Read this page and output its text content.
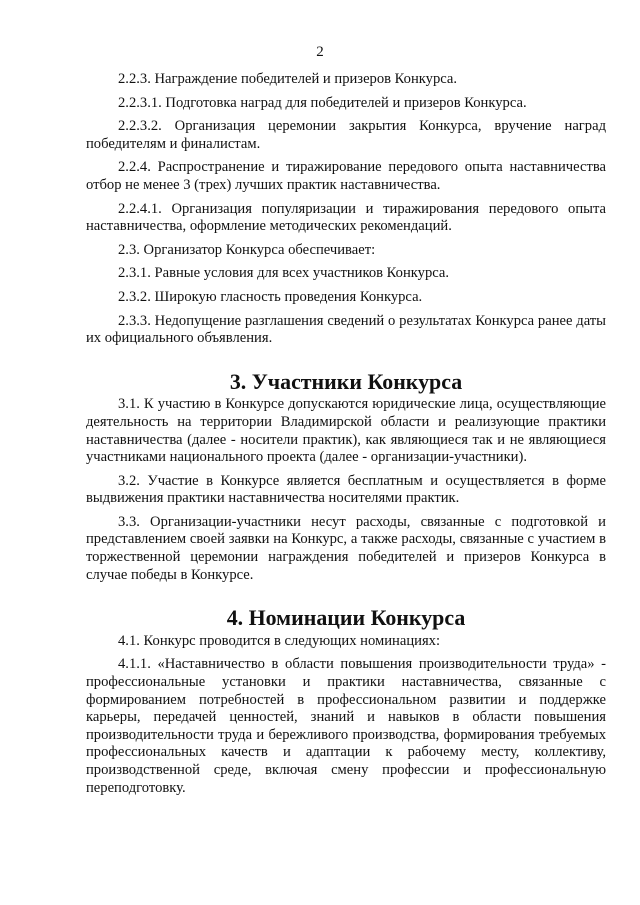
2

2.2.3. Награждение победителей и призеров Конкурса.

2.2.3.1. Подготовка наград для победителей и призеров Конкурса.

2.2.3.2. Организация церемонии закрытия Конкурса, вручение наград победителям и финалистам.

2.2.4. Распространение и тиражирование передового опыта наставничества отбор не менее 3 (трех) лучших практик наставничества.

2.2.4.1. Организация популяризации и тиражирования передового опыта наставничества, оформление методических рекомендаций.

2.3. Организатор Конкурса обеспечивает:

2.3.1. Равные условия для всех участников Конкурса.

2.3.2. Широкую гласность проведения Конкурса.

2.3.3. Недопущение разглашения сведений о результатах Конкурса ранее даты их официального объявления.

3. Участники Конкурса

3.1. К участию в Конкурсе допускаются юридические лица, осуществляющие деятельность на территории Владимирской области и реализующие практики наставничества (далее - носители практик), как являющиеся так и не являющиеся участниками национального проекта (далее - организации-участники).

3.2. Участие в Конкурсе является бесплатным и осуществляется в форме выдвижения практики наставничества носителями практик.

3.3. Организации-участники несут расходы, связанные с подготовкой и представлением своей заявки на Конкурс, а также расходы, связанные с участием в торжественной церемонии награждения победителей и призеров Конкурса в случае победы в Конкурсе.

4. Номинации Конкурса

4.1. Конкурс проводится в следующих номинациях:

4.1.1. «Наставничество в области повышения производительности труда» - профессиональные установки и практики наставничества, связанные с формированием потребностей в профессиональном развитии и поддержке карьеры, передачей ценностей, знаний и навыков в области повышения производительности труда и бережливого производства, формирования требуемых профессиональных качеств и адаптации к рабочему месту, коллективу, производственной среде, включая смену профессии и профессиональную переподготовку.
